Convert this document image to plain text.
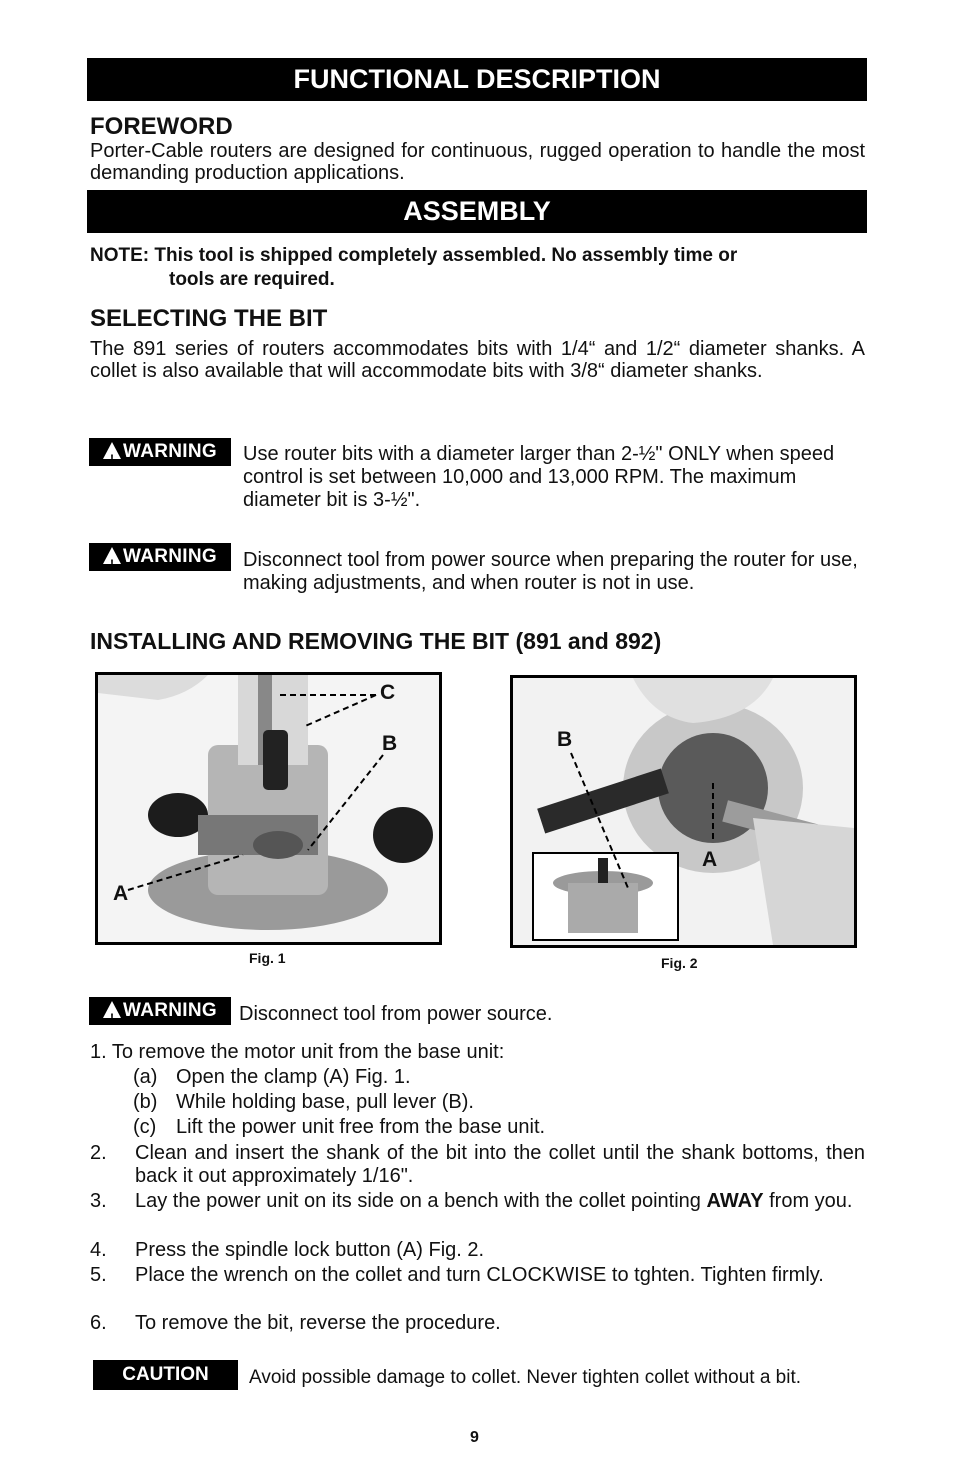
FUNCTIONAL DESCRIPTION
FOREWORD
Porter-Cable routers are designed for continuous, rugged operation to handle the most demanding production applications.
ASSEMBLY
NOTE: This tool is shipped completely assembled. No assembly time or
tools are required.
SELECTING THE BIT
The 891 series of routers accommodates bits with 1/4“ and 1/2“ diameter shanks. A collet is also available that will accommodate bits with 3/8“ diameter shanks.
!WARNING	Use router bits with a diameter larger than 2-½" ONLY when speed control is set between 10,000 and 13,000 RPM. The maximum diameter bit is 3-½".
!WARNING	Disconnect tool from power source when preparing the router for use, making adjustments, and when router is not in use.
INSTALLING AND REMOVING THE BIT (891 and 892)
C
B
A
Fig. 1
B
A
Fig. 2
!WARNING	Disconnect tool from power source.
1. To remove the motor unit from the base unit:
(a) Open the clamp (A) Fig. 1.
(b) While holding base, pull lever (B).
(c) Lift the power unit free from the base unit.
2. Clean and insert the shank of the bit into the collet until the shank bottoms, then back it out approximately 1/16".
3. Lay the power unit on its side on a bench with the collet pointing AWAY from you.
4. Press the spindle lock button (A) Fig. 2.
5. Place the wrench on the collet and turn CLOCKWISE to tghten. Tighten firmly.
6. To remove the bit, reverse the procedure.
CAUTION	Avoid possible damage to collet. Never tighten collet without a bit.
9
